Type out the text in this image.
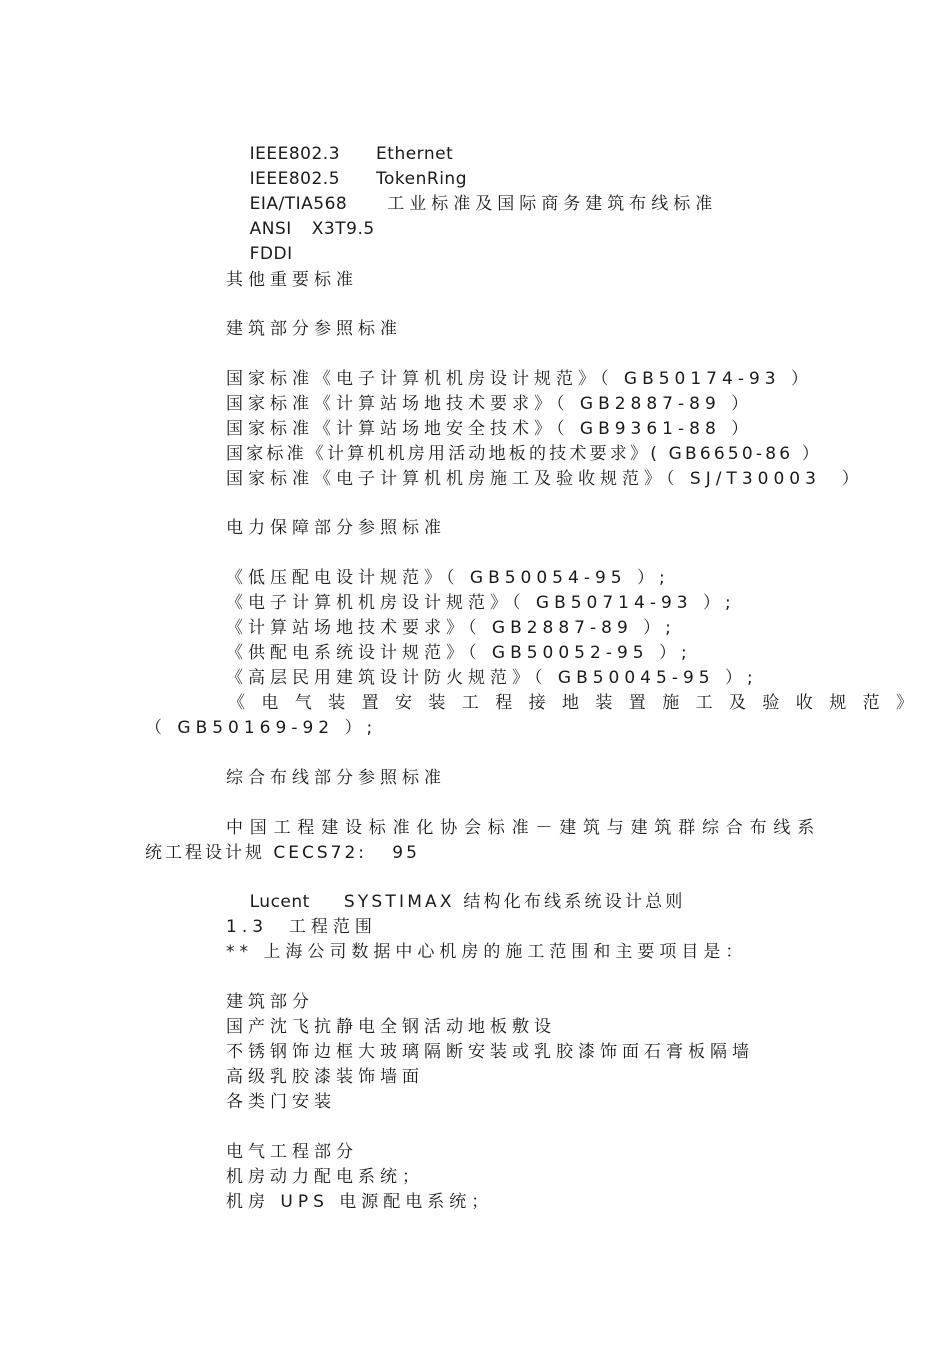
IEEE802.3 Ethernet

IEEE802.5 TokenRing

EIA/TIA568 工业标准及国际商务建筑布线标准

ANSI X3T9.5

FDDI

其他重要标准
建筑部分参照标准
国家标准《电子计算机机房设计规范》（ GB50174-93 ）
国家标准《计算站场地技术要求》（ GB2887-89 ）
国家标准《计算站场地安全技术》（ GB9361-88 ）
国家标准《计算机机房用活动地板的技术要求》( GB6650-86 ）
国家标准《电子计算机机房施工及验收规范》（ SJ/T30003  ）
电力保障部分参照标准
《低压配电设计规范》（ GB50054-95 ）;
《电子计算机机房设计规范》（ GB50714-93 ）;
《计算站场地技术要求》（ GB2887-89 ）;
《供配电系统设计规范》（ GB50052-95 ）;
《高层民用建筑设计防火规范》（ GB50045-95 ）;
《电气装置安装工程接地装置施工及验收规范》
（ GB50169-92 ）;
综合布线部分参照标准
中国工程建设标准化协会标准－建筑与建筑群综合布线系
统工程设计规 CECS72:   95

Lucent SYSTIMAX 结构化布线系统设计总则

1.3  工程范围
** 上海公司数据中心机房的施工范围和主要项目是：
建筑部分
国产沈飞抗静电全钢活动地板敷设
不锈钢饰边框大玻璃隔断安装或乳胶漆饰面石膏板隔墙
高级乳胶漆装饰墙面
各类门安装
电气工程部分
机房动力配电系统；
机房 UPS 电源配电系统；
